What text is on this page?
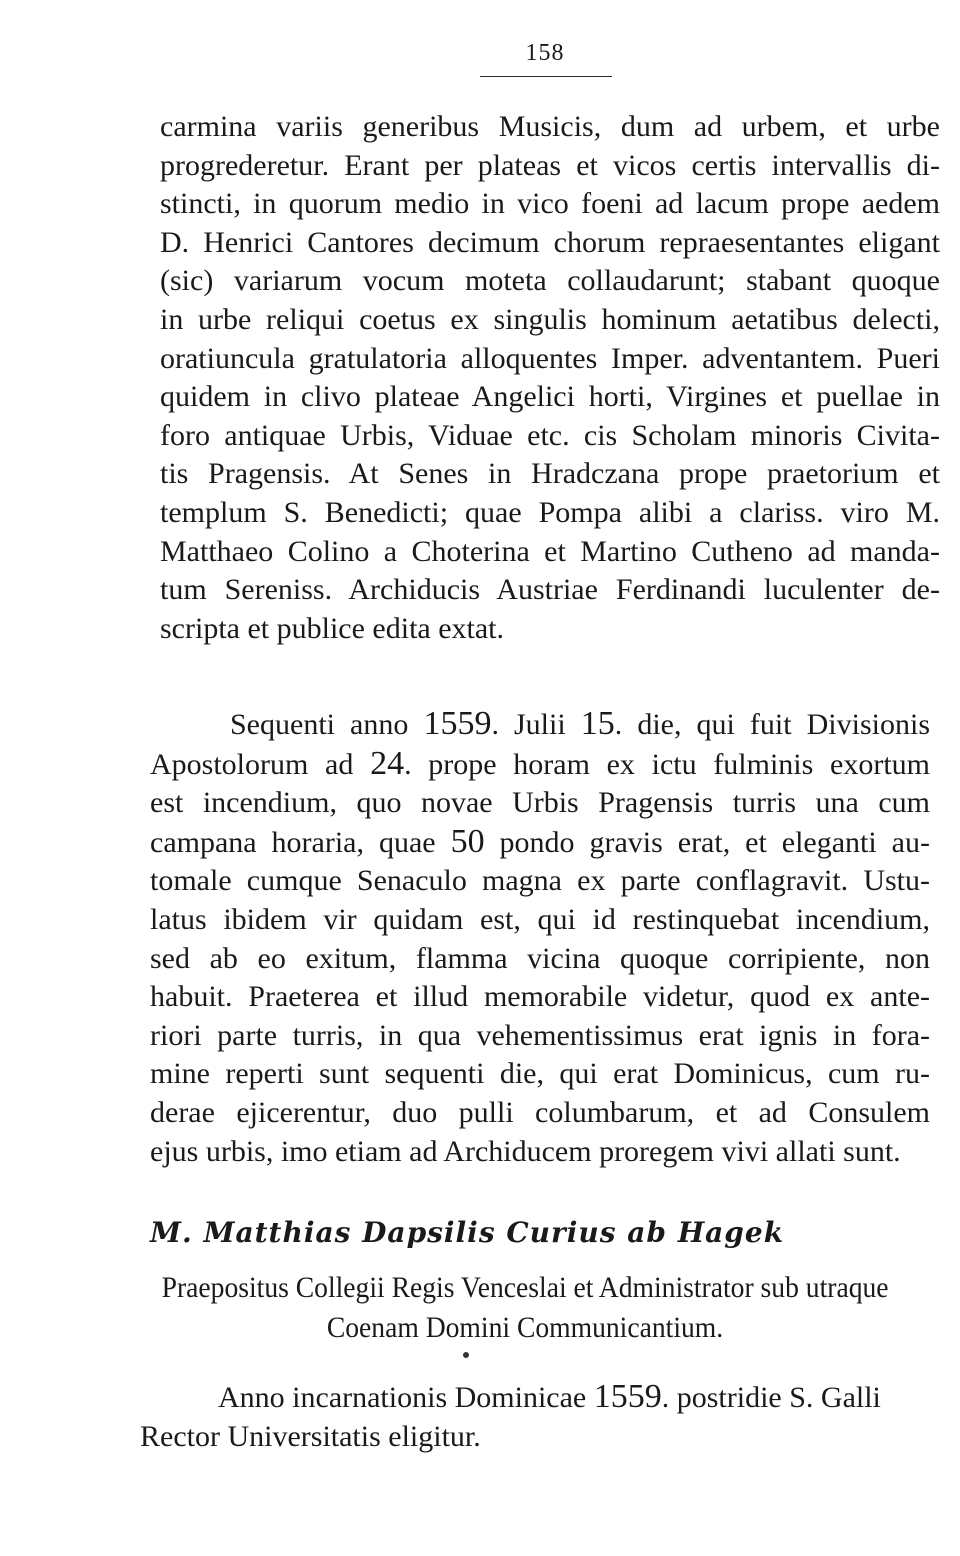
158

carmina variis generibus Musicis, dum ad urbem, et urbe
progrederetur. Erant per plateas et vicos certis intervallis di-
stincti, in quorum medio in vico foeni ad lacum prope aedem
D. Henrici Cantores decimum chorum repraesentantes eligant
(sic) variarum vocum moteta collaudarunt; stabant quoque
in urbe reliqui coetus ex singulis hominum aetatibus delecti,
oratiuncula gratulatoria alloquentes Imper. adventantem. Pueri
quidem in clivo plateae Angelici horti, Virgines et puellae in
foro antiquae Urbis, Viduae etc. cis Scholam minoris Civita-
tis Pragensis. At Senes in Hradczana prope praetorium et
templum S. Benedicti; quae Pompa alibi a clariss. viro M.
Matthaeo Colino a Choterina et Martino Cutheno ad manda-
tum Sereniss. Archiducis Austriae Ferdinandi luculenter de-
scripta et publice edita extat.

Sequenti anno 1559. Julii 15. die, qui fuit Divisionis
Apostolorum ad 24. prope horam ex ictu fulminis exortum
est incendium, quo novae Urbis Pragensis turris una cum
campana horaria, quae 50 pondo gravis erat, et eleganti au-
tomale cumque Senaculo magna ex parte conflagravit. Ustu-
latus ibidem vir quidam est, qui id restinquebat incendium,
sed ab eo exitum, flamma vicina quoque corripiente, non
habuit. Praeterea et illud memorabile videtur, quod ex ante-
riori parte turris, in qua vehementissimus erat ignis in fora-
mine reperti sunt sequenti die, qui erat Dominicus, cum ru-
derae ejicerentur, duo pulli columbarum, et ad Consulem
ejus urbis, imo etiam ad Archiducem proregem vivi allati sunt.

M. Matthias Dapsilis Curius ab Hagek
Praepositus Collegii Regis Venceslai et Administrator sub utraque
Coenam Domini Communicantium.

Anno incarnationis Dominicae 1559. postridie S. Galli
Rector Universitatis eligitur.
